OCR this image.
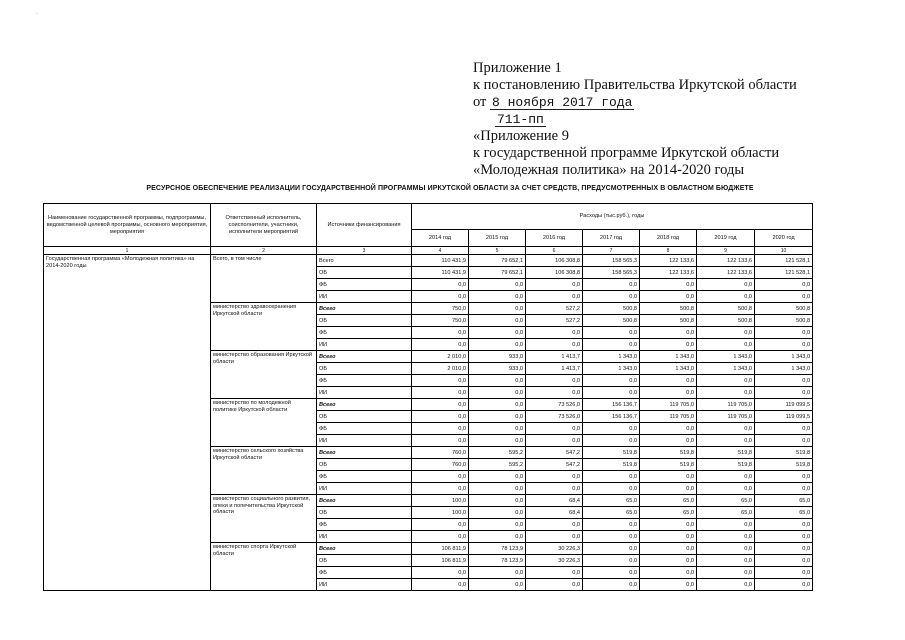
.
Приложение 1
к постановлению Правительства Иркутской области
от 8 ноября 2017 года
711-пп
«Приложение 9
к государственной программе Иркутской области
«Молодежная политика» на 2014-2020 годы
РЕСУРСНОЕ ОБЕСПЕЧЕНИЕ РЕАЛИЗАЦИИ ГОСУДАРСТВЕННОЙ ПРОГРАММЫ ИРКУТСКОЙ ОБЛАСТИ ЗА СЧЕТ СРЕДСТВ, ПРЕДУСМОТРЕННЫХ В ОБЛАСТНОМ БЮДЖЕТЕ
Наименование государственной программы, подпрограммы, ведомственной целевой программы, основного мероприятия, мероприятия	Ответственный исполнитель, соисполнители, участники, исполнители мероприятий	Источники финансирования	Расходы (тыс.руб.), годы						
			2014 год	2015 год	2016 год	2017 год	2018 год	2019 год	2020 год
1	2	3	4	5	6	7	8	9	10
Государственная программа «Молодежная политика» на 2014-2020 годы	Всего, в том числе	Всего	110 431,9	79 652,1	106 308,8	158 565,3	122 133,6	122 133,6	121 528,1
		ОБ	110 431,9	79 652,1	106 308,8	158 565,3	122 133,6	122 133,6	121 528,1
		ФБ	0,0	0,0	0,0	0,0	0,0	0,0	0,0
		ИИ	0,0	0,0	0,0	0,0	0,0	0,0	0,0
	министерство здравоохранения Иркутской области	Всего	750,0	0,0	527,2	500,8	500,8	500,8	500,8
		ОБ	750,0	0,0	527,2	500,8	500,8	500,8	500,8
		ФБ	0,0	0,0	0,0	0,0	0,0	0,0	0,0
		ИИ	0,0	0,0	0,0	0,0	0,0	0,0	0,0
	министерство образования Иркутской области	Всего	2 010,0	933,0	1 413,7	1 343,0	1 343,0	1 343,0	1 343,0
		ОБ	2 010,0	933,0	1 413,7	1 343,0	1 343,0	1 343,0	1 343,0
		ФБ	0,0	0,0	0,0	0,0	0,0	0,0	0,0
		ИИ	0,0	0,0	0,0	0,0	0,0	0,0	0,0
	министерство по молодежной политике Иркутской области	Всего	0,0	0,0	73 526,0	156 136,7	119 705,0	119 705,0	119 099,5
		ОБ	0,0	0,0	73 526,0	156 136,7	119 705,0	119 705,0	119 099,5
		ФБ	0,0	0,0	0,0	0,0	0,0	0,0	0,0
		ИИ	0,0	0,0	0,0	0,0	0,0	0,0	0,0
	министерство сельского хозяйства Иркутской области	Всего	760,0	595,2	547,2	519,8	519,8	519,8	519,8
		ОБ	760,0	595,2	547,2	519,8	519,8	519,8	519,8
		ФБ	0,0	0,0	0,0	0,0	0,0	0,0	0,0
		ИИ	0,0	0,0	0,0	0,0	0,0	0,0	0,0
	министерство социального развития, опеки и попечительства Иркутской области	Всего	100,0	0,0	68,4	65,0	65,0	65,0	65,0
		ОБ	100,0	0,0	68,4	65,0	65,0	65,0	65,0
		ФБ	0,0	0,0	0,0	0,0	0,0	0,0	0,0
		ИИ	0,0	0,0	0,0	0,0	0,0	0,0	0,0
	министерство спорта Иркутской области	Всего	106 811,9	78 123,9	30 226,3	0,0	0,0	0,0	0,0
		ОБ	106 811,9	78 123,9	30 226,3	0,0	0,0	0,0	0,0
		ФБ	0,0	0,0	0,0	0,0	0,0	0,0	0,0
		ИИ	0,0	0,0	0,0	0,0	0,0	0,0	0,0
